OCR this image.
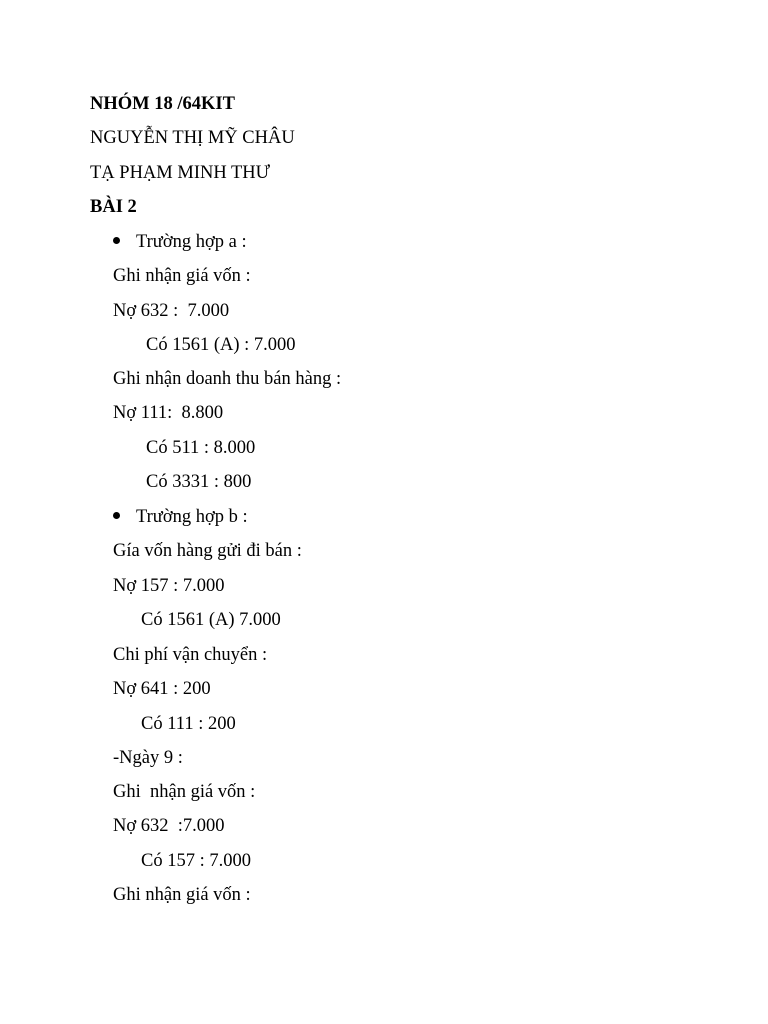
NHÓM 18 /64KIT
NGUYỄN THỊ MỸ CHÂU
TẠ PHẠM MINH THƯ
BÀI 2
Trường hợp a :
Ghi nhận giá vốn :
Nợ 632 :  7.000
Có 1561 (A) : 7.000
Ghi nhận doanh thu bán hàng :
Nợ 111:  8.800
Có 511 : 8.000
Có 3331 : 800
Trường hợp b :
Gía vốn hàng gửi đi bán :
Nợ 157 : 7.000
Có 1561 (A) 7.000
Chi phí vận chuyển :
Nợ 641 : 200
Có 111 : 200
-Ngày 9 :
Ghi  nhận giá vốn :
Nợ 632  :7.000
Có 157 : 7.000
Ghi nhận giá vốn :
